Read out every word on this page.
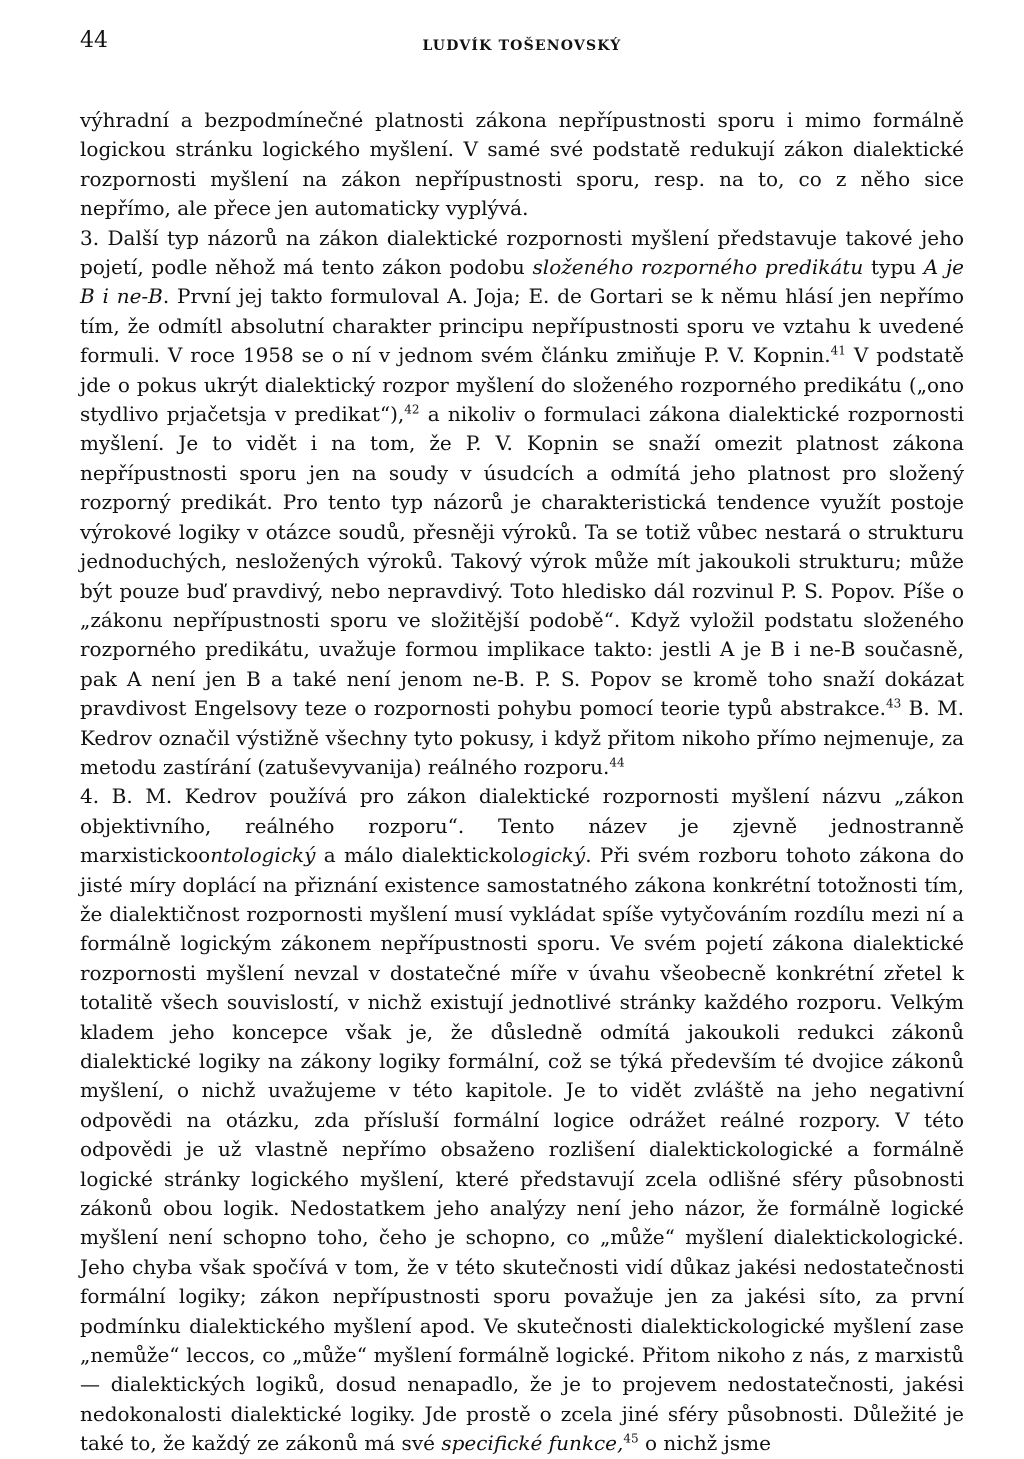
44	LUDVÍK TOŠENOVSKÝ

výhradní a bezpodmínečné platnosti zákona nepřípustnosti sporu i mimo formálně logickou stránku logického myšlení. V samé své podstatě redukují zákon dialektické rozpornosti myšlení na zákon nepřípustnosti sporu, resp. na to, co z něho sice nepřímo, ale přece jen automaticky vyplývá.

3. Další typ názorů na zákon dialektické rozpornosti myšlení představuje takové jeho pojetí, podle něhož má tento zákon podobu složeného rozporného predikátu typu A je B i ne-B. První jej takto formuloval A. Joja; E. de Gortari se k němu hlásí jen nepřímo tím, že odmítl absolutní charakter principu nepřípustnosti sporu ve vztahu k uvedené formuli. V roce 1958 se o ní v jednom svém článku zmiňuje P. V. Kopnin.$^{41}$ V podstatě jde o pokus ukrýt dialektický rozpor myšlení do složeného rozporného predikátu („ono stydlivo prjačetsja v predikat“),$^{42}$ a nikoliv o formulaci zákona dialektické rozpornosti myšlení. Je to vidět i na tom, že P. V. Kopnin se snaží omezit platnost zákona nepřípustnosti sporu jen na soudy v úsudcích a odmítá jeho platnost pro složený rozporný predikát. Pro tento typ názorů je charakteristická tendence využít postoje výrokové logiky v otázce soudů, přesněji výroků. Ta se totiž vůbec nestará o strukturu jednoduchých, nesložených výroků. Takový výrok může mít jakoukoli strukturu; může být pouze buď pravdivý, nebo nepravdivý. Toto hledisko dál rozvinul P. S. Popov. Píše o „zákonu nepřípustnosti sporu ve složitější podobě“. Když vyložil podstatu složeného rozporného predikátu, uvažuje formou implikace takto: jestli A je B i ne-B současně, pak A není jen B a také není jenom ne-B. P. S. Popov se kromě toho snaží dokázat pravdivost Engelsovy teze o rozpornosti pohybu pomocí teorie typů abstrakce.$^{43}$ B. M. Kedrov označil výstižně všechny tyto pokusy, i když přitom nikoho přímo nejmenuje, za metodu zastírání (zatuševyvanija) reálného rozporu.$^{44}$

4. B. M. Kedrov používá pro zákon dialektické rozpornosti myšlení názvu „zákon objektivního, reálného rozporu“. Tento název je zjevně jednostranně marxistickoontologický a málo dialektickologický. Při svém rozboru tohoto zákona do jisté míry doplácí na přiznání existence samostatného zákona konkrétní totožnosti tím, že dialektičnost rozpornosti myšlení musí vykládat spíše vytyčováním rozdílu mezi ní a formálně logickým zákonem nepřípustnosti sporu. Ve svém pojetí zákona dialektické rozpornosti myšlení nevzal v dostatečné míře v úvahu všeobecně konkrétní zřetel k totalitě všech souvislostí, v nichž existují jednotlivé stránky každého rozporu. Velkým kladem jeho koncepce však je, že důsledně odmítá jakoukoli redukci zákonů dialektické logiky na zákony logiky formální, což se týká především té dvojice zákonů myšlení, o nichž uvažujeme v této kapitole. Je to vidět zvláště na jeho negativní odpovědi na otázku, zda přísluší formální logice odrážet reálné rozpory. V této odpovědi je už vlastně nepřímo obsaženo rozlišení dialektickologické a formálně logické stránky logického myšlení, které představují zcela odlišné sféry působnosti zákonů obou logik. Nedostatkem jeho analýzy není jeho názor, že formálně logické myšlení není schopno toho, čeho je schopno, co „může“ myšlení dialektickologické. Jeho chyba však spočívá v tom, že v této skutečnosti vidí důkaz jakési nedostatečnosti formální logiky; zákon nepřípustnosti sporu považuje jen za jakési síto, za první podmínku dialektického myšlení apod. Ve skutečnosti dialektickologické myšlení zase „nemůže“ leccos, co „může“ myšlení formálně logické. Přitom nikoho z nás, z marxistů — dialektických logiků, dosud nenapadlo, že je to projevem nedostatečnosti, jakési nedokonalosti dialektické logiky. Jde prostě o zcela jiné sféry působnosti. Důležité je také to, že každý ze zákonů má své specifické funkce,$^{45}$ o nichž jsme
